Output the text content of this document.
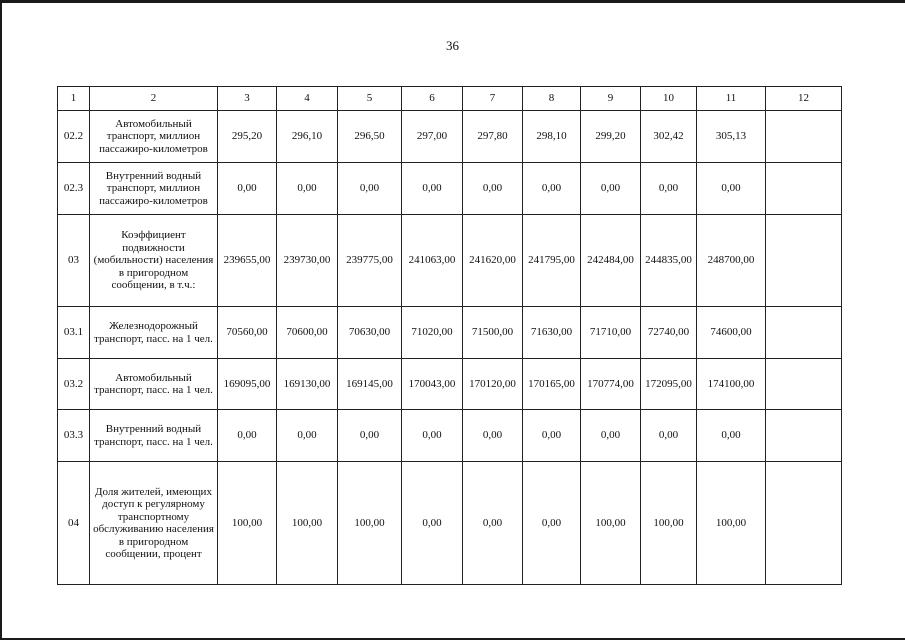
36
1	2	3	4	5	6	7	8	9	10	11	12
02.2	Автомобильный транспорт, миллион пассажиро-километров	295,20	296,10	296,50	297,00	297,80	298,10	299,20	302,42	305,13	
02.3	Внутренний водный транспорт, миллион пассажиро-километров	0,00	0,00	0,00	0,00	0,00	0,00	0,00	0,00	0,00	
03	Коэффициент подвижности (мобильности) населения в пригородном сообщении, в т.ч.:	239655,00	239730,00	239775,00	241063,00	241620,00	241795,00	242484,00	244835,00	248700,00	
03.1	Железнодорожный транспорт, пасс. на 1 чел.	70560,00	70600,00	70630,00	71020,00	71500,00	71630,00	71710,00	72740,00	74600,00	
03.2	Автомобильный транспорт, пасс. на 1 чел.	169095,00	169130,00	169145,00	170043,00	170120,00	170165,00	170774,00	172095,00	174100,00	
03.3	Внутренний водный транспорт, пасс. на 1 чел.	0,00	0,00	0,00	0,00	0,00	0,00	0,00	0,00	0,00	
04	Доля жителей, имеющих доступ к регулярному транспортному обслуживанию населения в пригородном сообщении, процент	100,00	100,00	100,00	0,00	0,00	0,00	100,00	100,00	100,00	
